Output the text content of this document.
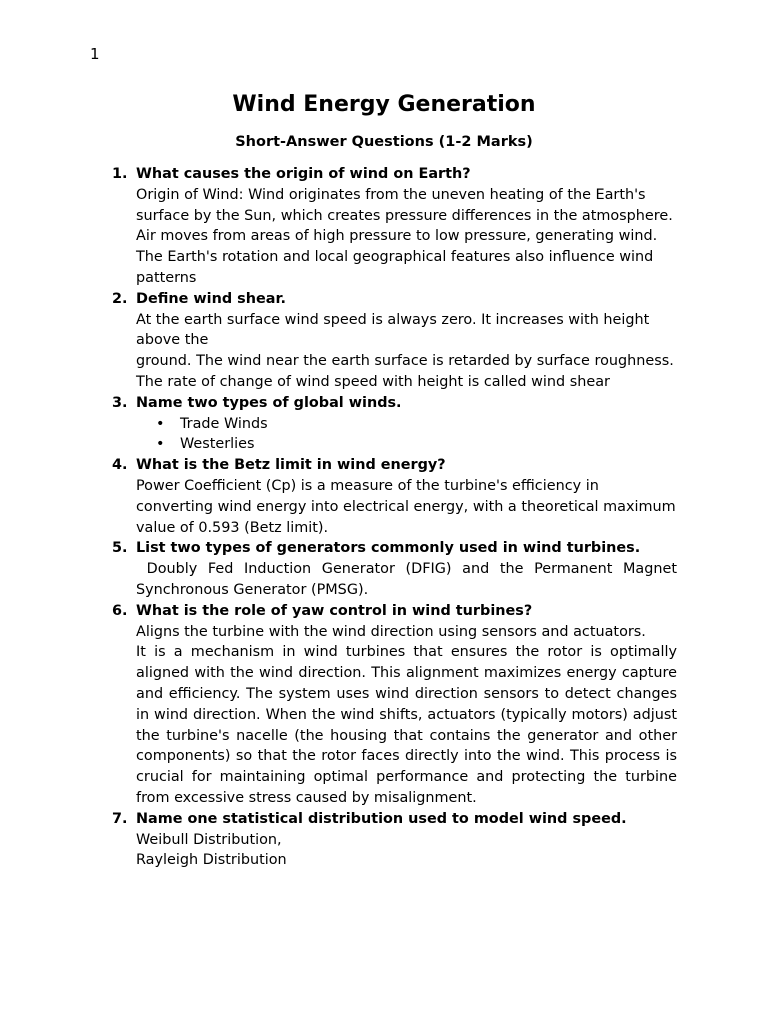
1
Wind Energy Generation
Short-Answer Questions (1-2 Marks)
1. What causes the origin of wind on Earth?
Origin of Wind: Wind originates from the uneven heating of the Earth's surface by the Sun, which creates pressure differences in the atmosphere. Air moves from areas of high pressure to low pressure, generating wind. The Earth's rotation and local geographical features also influence wind patterns
2. Define wind shear.
At the earth surface wind speed is always zero. It increases with height above the
ground. The wind near the earth surface is retarded by surface roughness. The rate of change of wind speed with height is called wind shear
3. Name two types of global winds.
• Trade Winds
• Westerlies
4. What is the Betz limit in wind energy?
Power Coefficient (Cp) is a measure of the turbine's efficiency in converting wind energy into electrical energy, with a theoretical maximum value of 0.593 (Betz limit).
5. List two types of generators commonly used in wind turbines.
Doubly Fed Induction Generator (DFIG) and the Permanent Magnet Synchronous Generator (PMSG).
6. What is the role of yaw control in wind turbines?
Aligns the turbine with the wind direction using sensors and actuators.
It is a mechanism in wind turbines that ensures the rotor is optimally aligned with the wind direction. This alignment maximizes energy capture and efficiency. The system uses wind direction sensors to detect changes in wind direction. When the wind shifts, actuators (typically motors) adjust the turbine's nacelle (the housing that contains the generator and other components) so that the rotor faces directly into the wind. This process is crucial for maintaining optimal performance and protecting the turbine from excessive stress caused by misalignment.
7. Name one statistical distribution used to model wind speed.
Weibull Distribution,
Rayleigh Distribution
